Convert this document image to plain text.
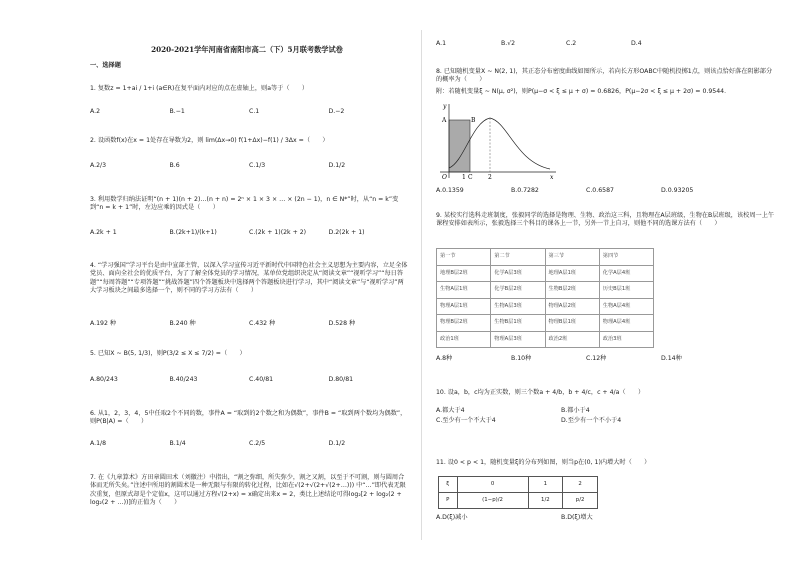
2020-2021学年河南省南阳市高二（下）5月联考数学试卷
一、选择题
1. 复数z = 1+ai / 1+i (a∈R)在复平面内对应的点在虚轴上，则a等于（　　）
A.2	B.−1	C.1	D.−2
2. 设函数f(x)在x = 1处存在导数为2，则 lim(Δx→0) f(1+Δx)−f(1) / 3Δx =（　　）
A.2/3	B.6	C.1/3	D.1/2
3. 利用数学归纳法证明“(n + 1)(n + 2)…(n + n) = 2ⁿ × 1 × 3 × … × (2n − 1)，n ∈ N*”时，从“n = k”变到“n = k + 1”时，左边应乘的因式是（　　）
A.2k + 1	B.(2k+1)/(k+1)	C.(2k + 1)(2k + 2)	D.2(2k + 1)
4. “学习强国”学习平台是由中宣部主管，以深入学习宣传习近平新时代中国特色社会主义思想为主要内容，立足全体党员、面向全社会的优质平台，为了了解全体党员的学习情况，某单位党组织决定从“阅读文章”“视听学习”“每日答题”“每周答题”“专项答题”“挑战答题”四个答题板块中选择两个答题板块进行学习，其中“阅读文章”与“视听学习”两大学习板块之间最多选择一个，则不同的学习方法有（　　）
A.192 种	B.240 种	C.432 种	D.528 种
5. 已知X ~ B(5, 1/3)，则P(3/2 ≤ X ≤ 7/2) =（　　）
A.80/243	B.40/243	C.40/81	D.80/81
6. 从1，2，3，4，5中任取2个不同的数，事件A = “取到的2个数之和为偶数”，事件B = “取到两个数均为偶数”，则P(B|A) =（　　）
A.1/8	B.1/4	C.2/5	D.1/2
7. 在《九章算术》方田章圆田术（刘徽注）中指出，“割之弥细，所失弥少，割之又割，以至于不可割，则与圆周合体而无所失矣。”注述中所用的割圆术是一种无限与有限的转化过程，比如在√(2+√(2+√(2+…))) 中“…”即代表无限次重复，但原式却是个定值x，这可以通过方程√(2+x) = x确定出来x = 2，类比上述结论可得log₂[2 + log₂(2 + log₂(2 + …))]的正值为（　　）
A.1	B.√2	C.2	D.4
8. 已知随机变量X ~ N(2, 1)，其正态分布密度曲线如图所示，若向长方形OABC中随机投掷1点，则该点恰好落在阴影部分的概率为（　　）
附：若随机变量ξ ~ N(μ, σ²)，则P(μ−σ < ξ ≤ μ + σ) = 0.6826，P(μ−2σ < ξ ≤ μ + 2σ) = 0.9544．
y
A	B
O	1 C	2	x
A.0.1359	B.0.7282	C.0.6587	D.0.93205
9. 某校实行选科走班制度，张毅同学的选择是物理、生物、政治这三科，且物理在A层班级，生物在B层班级，该校周一上午课程安排如表所示，张毅选择三个科目的课各上一节，另外一节上自习，则他不同的选课方法有（　　）
第一节	第二节	第三节	第四节
地理B层2班	化学A层3班	地理A层1班	化学A层4班
生物A层1班	化学B层2班	生物B层2班	历史B层1班
物理A层1班	生物A层3班	物理A层2班	生物A层4班
物理B层2班	生物B层1班	物理B层1班	物理A层4班
政治1班	物理A层3班	政治2班	政治3班
A.8种	B.10种	C.12种	D.14种
10. 设a，b，c均为正实数，则三个数a + 4/b，b + 4/c，c + 4/a（　　）
A.都大于4	B.都小于4
C.至少有一个不大于4	D.至少有一个不小于4
11. 设0 < p < 1，随机变量ξ的分布列如图，则当p在(0, 1)内增大时（　　）
ξ	0	1	2
P	(1−p)/2	1/2	p/2
A.D(ξ)减小	B.D(ξ)增大
